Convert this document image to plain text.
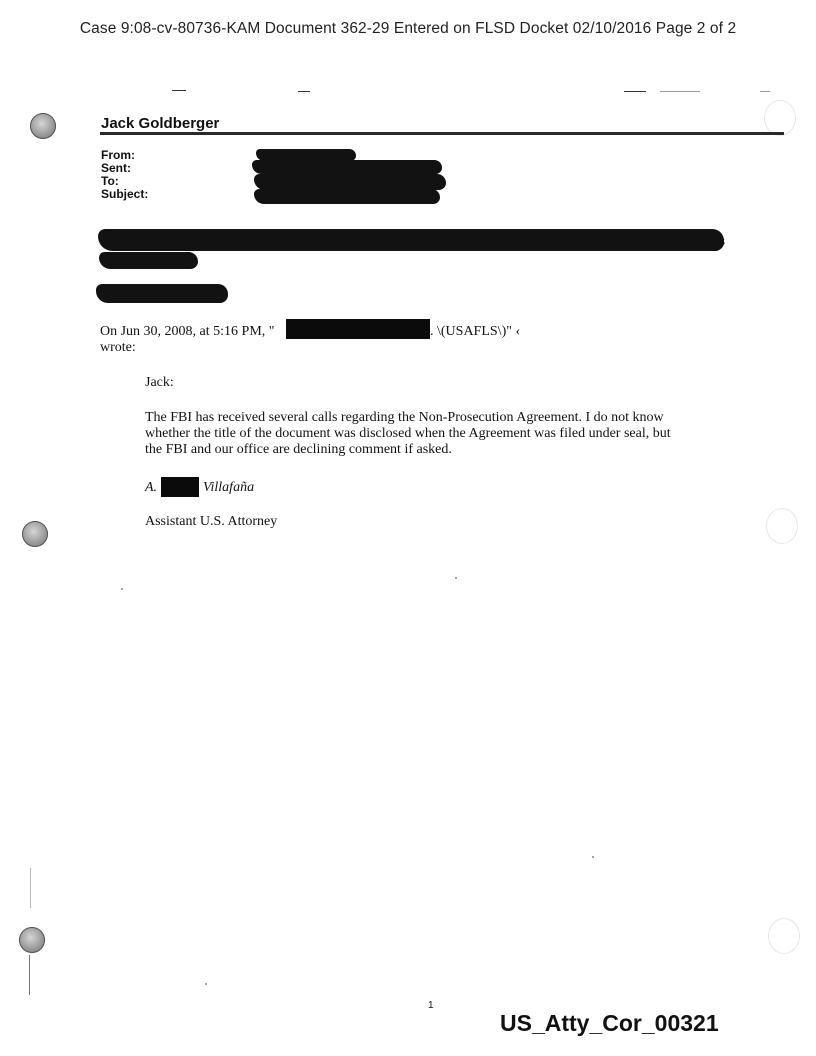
Case 9:08-cv-80736-KAM Document 362-29 Entered on FLSD Docket 02/10/2016 Page 2 of 2
Jack Goldberger
From:
Sent:
To:
Subject:
s
On Jun 30, 2008, at 5:16 PM, "	. \(USAFLS\)" ‹
wrote:
Jack:
The FBI has received several calls regarding the Non-Prosecution Agreement. I do not know
whether the title of the document was disclosed when the Agreement was filed under seal, but
the FBI and our office are declining comment if asked.
A.	Villafaña
Assistant U.S. Attorney
1
US_Atty_Cor_00321
